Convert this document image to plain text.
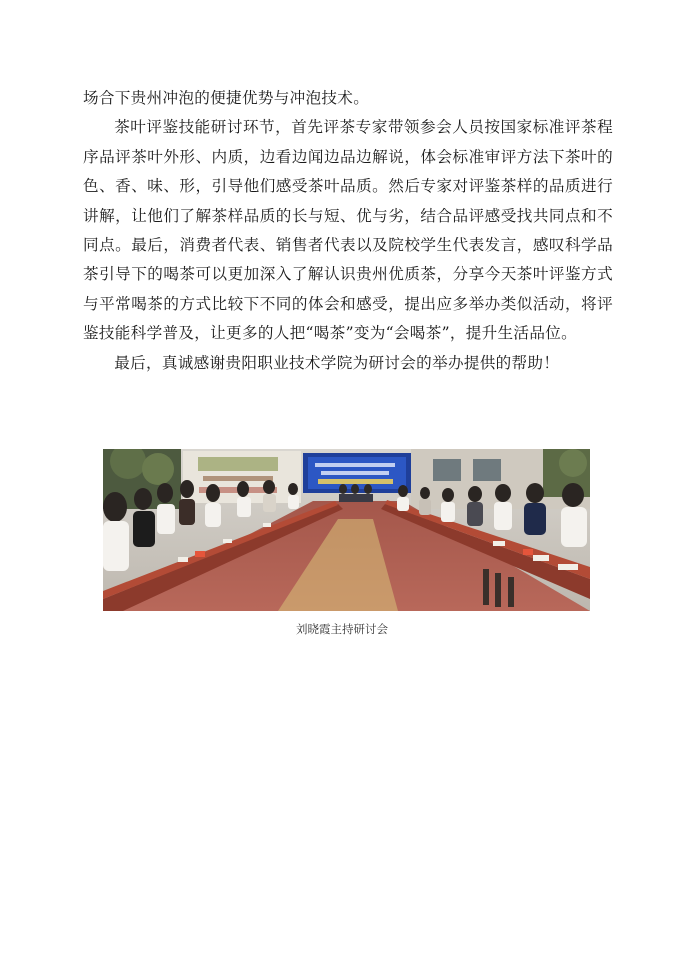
场合下贵州冲泡的便捷优势与冲泡技术。

茶叶评鉴技能研讨环节，首先评茶专家带领参会人员按国家标准评茶程序品评茶叶外形、内质，边看边闻边品边解说，体会标准审评方法下茶叶的色、香、味、形，引导他们感受茶叶品质。然后专家对评鉴茶样的品质进行讲解，让他们了解茶样品质的长与短、优与劣，结合品评感受找共同点和不同点。最后，消费者代表、销售者代表以及院校学生代表发言，感叹科学品茶引导下的喝茶可以更加深入了解认识贵州优质茶，分享今天茶叶评鉴方式与平常喝茶的方式比较下不同的体会和感受，提出应多举办类似活动，将评鉴技能科学普及，让更多的人把“喝茶”变为“会喝茶”，提升生活品位。

最后，真诚感谢贵阳职业技术学院为研讨会的举办提供的帮助！

刘晓霞主持研讨会
